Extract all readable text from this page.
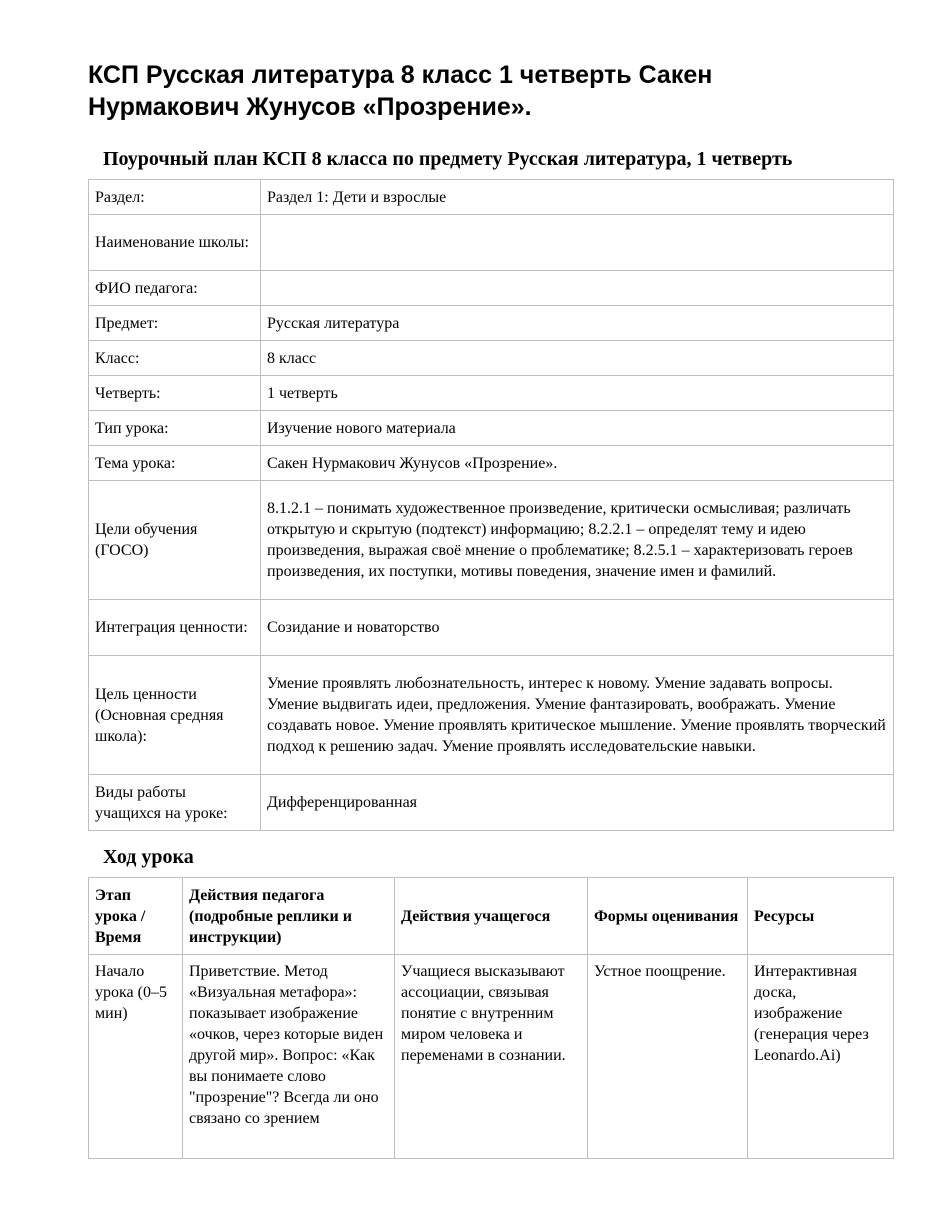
КСП Русская литература 8 класс 1 четверть Сакен Нурмакович Жунусов «Прозрение».
Поурочный план КСП 8 класса по предмету Русская литература, 1 четверть
Раздел:	Раздел 1: Дети и взрослые
Наименование школы:	
ФИО педагога:	
Предмет:	Русская литература
Класс:	8 класс
Четверть:	1 четверть
Тип урока:	Изучение нового материала
Тема урока:	Сакен Нурмакович Жунусов «Прозрение».
Цели обучения (ГОСО)	8.1.2.1 – понимать художественное произведение, критически осмысливая; различать открытую и скрытую (подтекст) информацию; 8.2.2.1 – определят тему и идею произведения, выражая своё мнение о проблематике; 8.2.5.1 – характеризовать героев произведения, их поступки, мотивы поведения, значение имен и фамилий.
Интеграция ценности:	Созидание и новаторство
Цель ценности (Основная средняя школа):	Умение проявлять любознательность, интерес к новому. Умение задавать вопросы. Умение выдвигать идеи, предложения. Умение фантазировать, воображать. Умение создавать новое. Умение проявлять критическое мышление. Умение проявлять творческий подход к решению задач. Умение проявлять исследовательские навыки.
Виды работы учащихся на уроке:	Дифференцированная
Ход урока
Этап урока / Время	Действия педагога (подробные реплики и инструкции)	Действия учащегося	Формы оценивания	Ресурсы
Начало урока (0–5 мин)	Приветствие. Метод «Визуальная метафора»: показывает изображение «очков, через которые виден другой мир». Вопрос: «Как вы понимаете слово "прозрение"? Всегда ли оно связано со зрением	Учащиеся высказывают ассоциации, связывая понятие с внутренним миром человека и переменами в сознании.	Устное поощрение.	Интерактивная доска, изображение (генерация через Leonardo.Ai)
